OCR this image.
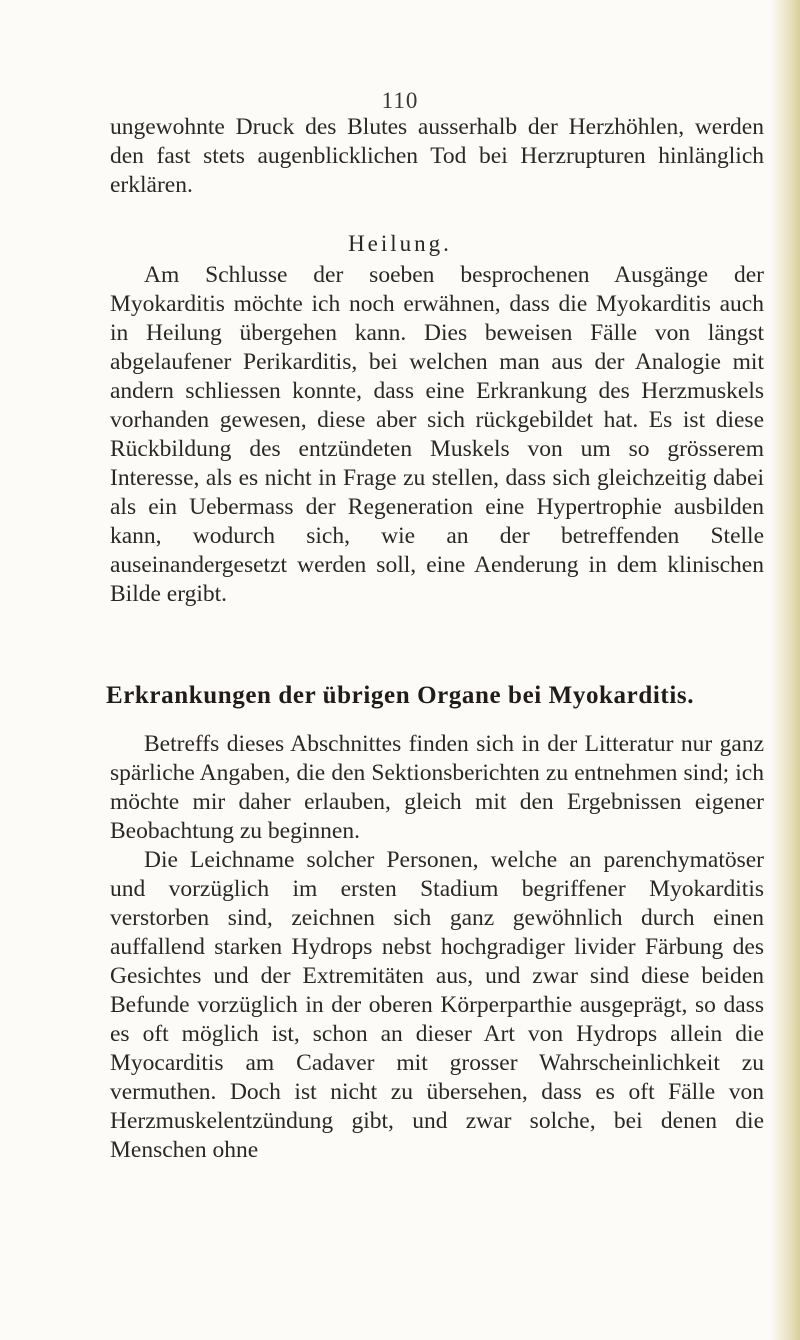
110

ungewohnte Druck des Blutes ausserhalb der Herzhöhlen, werden den fast stets augenblicklichen Tod bei Herzrupturen hinlänglich erklären.

Heilung.

Am Schlusse der soeben besprochenen Ausgänge der Myokarditis möchte ich noch erwähnen, dass die Myokarditis auch in Heilung übergehen kann. Dies beweisen Fälle von längst abgelaufener Perikarditis, bei welchen man aus der Analogie mit andern schliessen konnte, dass eine Erkrankung des Herzmuskels vorhanden gewesen, diese aber sich rückgebildet hat. Es ist diese Rückbildung des entzündeten Muskels von um so grösserem Interesse, als es nicht in Frage zu stellen, dass sich gleichzeitig dabei als ein Uebermass der Regeneration eine Hypertrophie ausbilden kann, wodurch sich, wie an der betreffenden Stelle auseinandergesetzt werden soll, eine Aenderung in dem klinischen Bilde ergibt.

Erkrankungen der übrigen Organe bei Myokarditis.

Betreffs dieses Abschnittes finden sich in der Litteratur nur ganz spärliche Angaben, die den Sektionsberichten zu entnehmen sind; ich möchte mir daher erlauben, gleich mit den Ergebnissen eigener Beobachtung zu beginnen.

Die Leichname solcher Personen, welche an parenchymatöser und vorzüglich im ersten Stadium begriffener Myokarditis verstorben sind, zeichnen sich ganz gewöhnlich durch einen auffallend starken Hydrops nebst hochgradiger livider Färbung des Gesichtes und der Extremitäten aus, und zwar sind diese beiden Befunde vorzüglich in der oberen Körperparthie ausgeprägt, so dass es oft möglich ist, schon an dieser Art von Hydrops allein die Myocarditis am Cadaver mit grosser Wahrscheinlichkeit zu vermuthen. Doch ist nicht zu übersehen, dass es oft Fälle von Herzmuskelentzündung gibt, und zwar solche, bei denen die Menschen ohne
